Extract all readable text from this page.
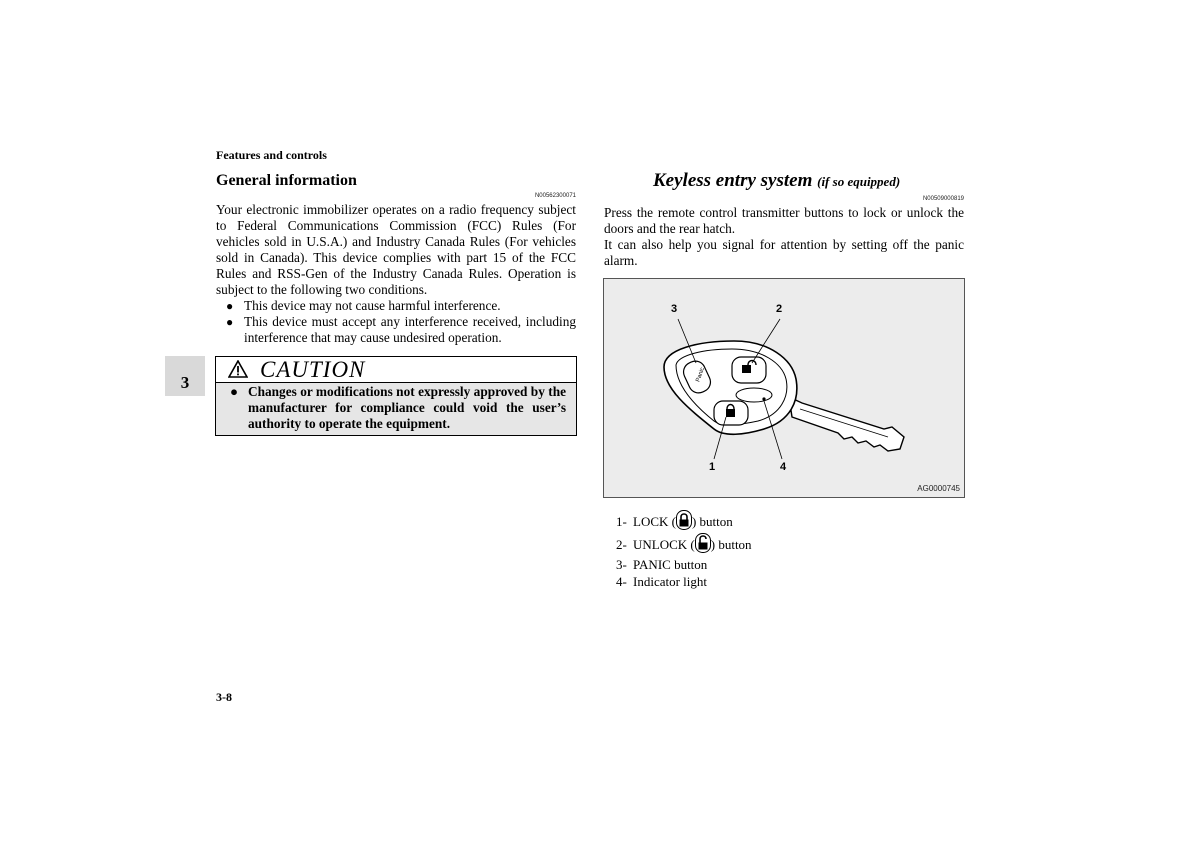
Features and controls
General information
N00562300071

Your electronic immobilizer operates on a radio frequency subject to Federal Communications Commission (FCC) Rules (For vehicles sold in U.S.A.) and Industry Canada Rules (For vehicles sold in Canada). This device complies with part 15 of the FCC Rules and RSS-Gen of the Industry Canada Rules. Operation is subject to the following two conditions.

● This device may not cause harmful interference.
● This device must accept any interference received, including interference that may cause undesired operation.
3
CAUTION
● Changes or modifications not expressly approved by the manufacturer for compliance could void the user’s authority to operate the equipment.
Keyless entry system (if so equipped)
N00509000819

Press the remote control transmitter buttons to lock or unlock the doors and the rear hatch.

It can also help you signal for attention by setting off the panic alarm.

Panic
3	2
1	4
AG0000745
1- LOCK ( ) button
2- UNLOCK ( ) button
3- PANIC button
4- Indicator light
3-8
